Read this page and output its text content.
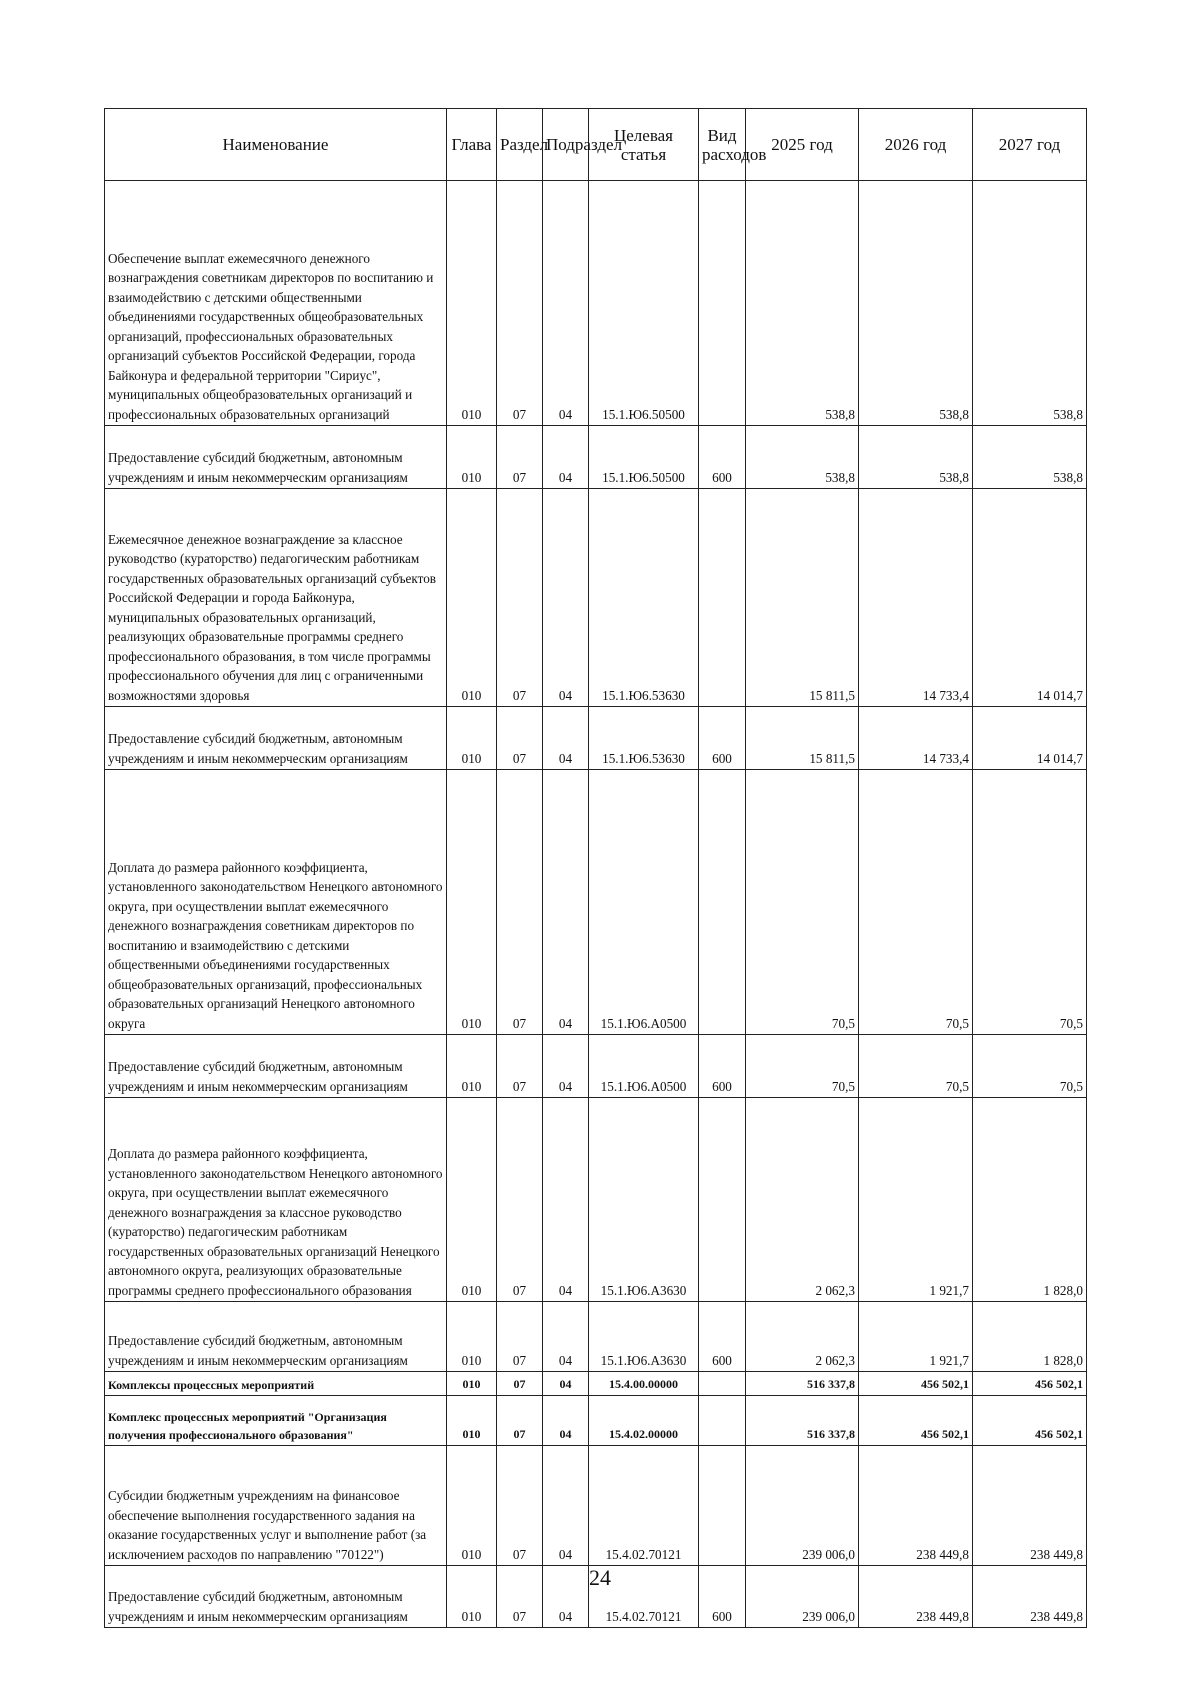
Наименование	Глава	Раздел	Подраздел	Целевая статья	Вид расходов	2025 год	2026 год	2027 год
Обеспечение выплат ежемесячного денежного вознаграждения советникам директоров по воспитанию и взаимодействию с детскими общественными объединениями государственных общеобразовательных организаций, профессиональных образовательных организаций субъектов Российской Федерации, города Байконура и федеральной территории "Сириус", муниципальных общеобразовательных организаций и профессиональных образовательных организаций	010	07	04	15.1.Ю6.50500		538,8	538,8	538,8
Предоставление субсидий бюджетным, автономным учреждениям и иным некоммерческим организациям	010	07	04	15.1.Ю6.50500	600	538,8	538,8	538,8
Ежемесячное денежное вознаграждение за классное руководство (кураторство) педагогическим работникам государственных образовательных организаций субъектов Российской Федерации и города Байконура, муниципальных образовательных организаций, реализующих образовательные программы среднего профессионального образования, в том числе программы профессионального обучения для лиц с ограниченными возможностями здоровья	010	07	04	15.1.Ю6.53630		15 811,5	14 733,4	14 014,7
Предоставление субсидий бюджетным, автономным учреждениям и иным некоммерческим организациям	010	07	04	15.1.Ю6.53630	600	15 811,5	14 733,4	14 014,7
Доплата до размера районного коэффициента, установленного законодательством Ненецкого автономного округа, при осуществлении выплат ежемесячного денежного вознаграждения советникам директоров по воспитанию и взаимодействию с детскими общественными объединениями государственных общеобразовательных организаций, профессиональных образовательных организаций Ненецкого автономного округа	010	07	04	15.1.Ю6.А0500		70,5	70,5	70,5
Предоставление субсидий бюджетным, автономным учреждениям и иным некоммерческим организациям	010	07	04	15.1.Ю6.А0500	600	70,5	70,5	70,5
Доплата до размера районного коэффициента, установленного законодательством Ненецкого автономного округа, при осуществлении выплат ежемесячного денежного вознаграждения за классное руководство (кураторство) педагогическим работникам государственных образовательных организаций Ненецкого автономного округа, реализующих образовательные программы среднего профессионального образования	010	07	04	15.1.Ю6.А3630		2 062,3	1 921,7	1 828,0
Предоставление субсидий бюджетным, автономным учреждениям и иным некоммерческим организациям	010	07	04	15.1.Ю6.А3630	600	2 062,3	1 921,7	1 828,0
Комплексы процессных мероприятий	010	07	04	15.4.00.00000		516 337,8	456 502,1	456 502,1
Комплекс процессных мероприятий "Организация получения профессионального образования"	010	07	04	15.4.02.00000		516 337,8	456 502,1	456 502,1
Субсидии бюджетным учреждениям на финансовое обеспечение выполнения государственного задания на оказание государственных услуг и выполнение работ (за исключением расходов по направлению "70122")	010	07	04	15.4.02.70121		239 006,0	238 449,8	238 449,8
Предоставление субсидий бюджетным, автономным учреждениям и иным некоммерческим организациям	010	07	04	15.4.02.70121	600	239 006,0	238 449,8	238 449,8
24
